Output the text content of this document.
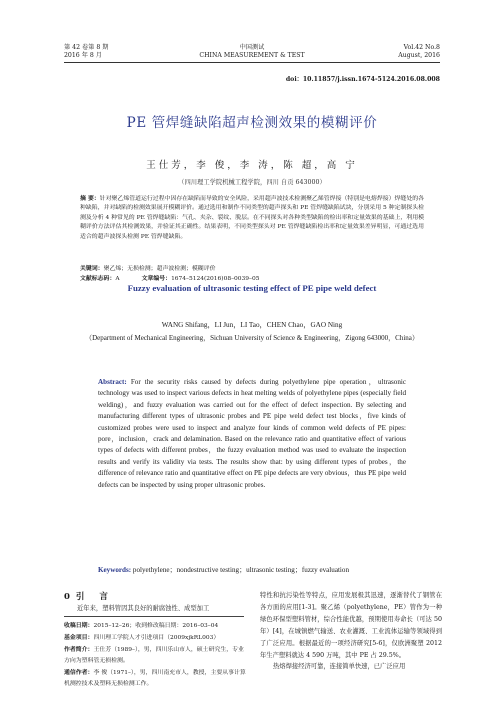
第 42 卷第 8 期
2016 年 8 月
中国测试
CHINA MEASUREMENT & TEST
Vol.42 No.8
August, 2016
doi：10.11857/j.issn.1674-5124.2016.08.008
PE 管焊缝缺陷超声检测效果的模糊评价
王仕芳，李 俊，李 涛，陈 超，高 宁
（四川理工学院机械工程学院，四川 自贡 643000）

摘 要：针对聚乙烯管道运行过程中因存在缺陷而导致的安全风险，采用超声波技术检测聚乙烯管焊接（特别是电熔焊接）焊缝处的各种缺陷，并对缺陷的检测效果展开模糊评价。通过选用和制作不同类型的超声探头和 PE 管焊缝缺陷试块，分别采用 5 种定制探头检测及分析 4 种常见的 PE 管焊缝缺陷：气孔、夹杂、裂纹、脱层。在不同探头对各种类型缺陷的检出率和定量效果的基础上，利用模糊评价方法评估其检测效果，并验证其正确性。结果表明，不同类型探头对 PE 管焊缝缺陷检出率和定量效果差异明显，可通过选用适合的超声波探头检测 PE 管焊缝缺陷。

关键词：聚乙烯；无损检测；超声波检测；模糊评价
文献标志码：A	文章编号：1674–5124(2016)08–0039–05
Fuzzy evaluation of ultrasonic testing effect of PE pipe weld defect
WANG Shifang，LI Jun，LI Tao，CHEN Chao，GAO Ning
（Department of Mechanical Engineering，Sichuan University of Science & Engineering，Zigong 643000，China）
Abstract: For the security risks caused by defects during polyethylene pipe operation，ultrasonic technology was used to inspect various defects in heat melting welds of polyethylene pipes (especially field welding)，and fuzzy evaluation was carried out for the effect of defect inspection. By selecting and manufacturing different types of ultrasonic probes and PE pipe weld defect test blocks，five kinds of customized probes were used to inspect and analyze four kinds of common weld defects of PE pipes: pore，inclusion，crack and delamination. Based on the relevance ratio and quantitative effect of various types of defects with different probes，the fuzzy evaluation method was used to evaluate the inspection results and verify its validity via tests. The results show that: by using different types of probes，the difference of relevance ratio and quantitative effect on PE pipe defects are very obvious，thus PE pipe weld defects can be inspected by using proper ultrasonic probes.
Keywords: polyethylene；nondestructive testing；ultrasonic testing；fuzzy evaluation
0引 言
近年来，塑料管因其良好的耐腐蚀性、成型加工

收稿日期：2015–12–26；收到修改稿日期：2016–03–04

基金项目：四川理工学院人才引进项目（2009xjkRL003）

作者简介：王仕芳（1989–），男，四川乐山市人，硕士研究生，专业方向为塑料管无损检测。

通信作者：李 俊（1971–），男，四川南充市人，教授，主要从事计算机测控技术及塑料无损检测工作。

特性和抗污染性等特点，应用发展极其迅速，逐渐替代了钢管在各方面的应用[1-3]。聚乙烯（polyethylene，PE）管作为一种绿色环保型塑料管材，综合性能优越，预期使用寿命长（可达 50 年）[4]，在城镇燃气输送、农业灌溉、工业流体运输等领域得到了广泛应用。根据最近的一项经济研究[5-6]，仅欧洲聚塑 2012 年生产塑料就达 4 590 万吨，其中 PE 占 29.5%。
热熔焊接经济可靠，连接简单快速，已广泛应用
